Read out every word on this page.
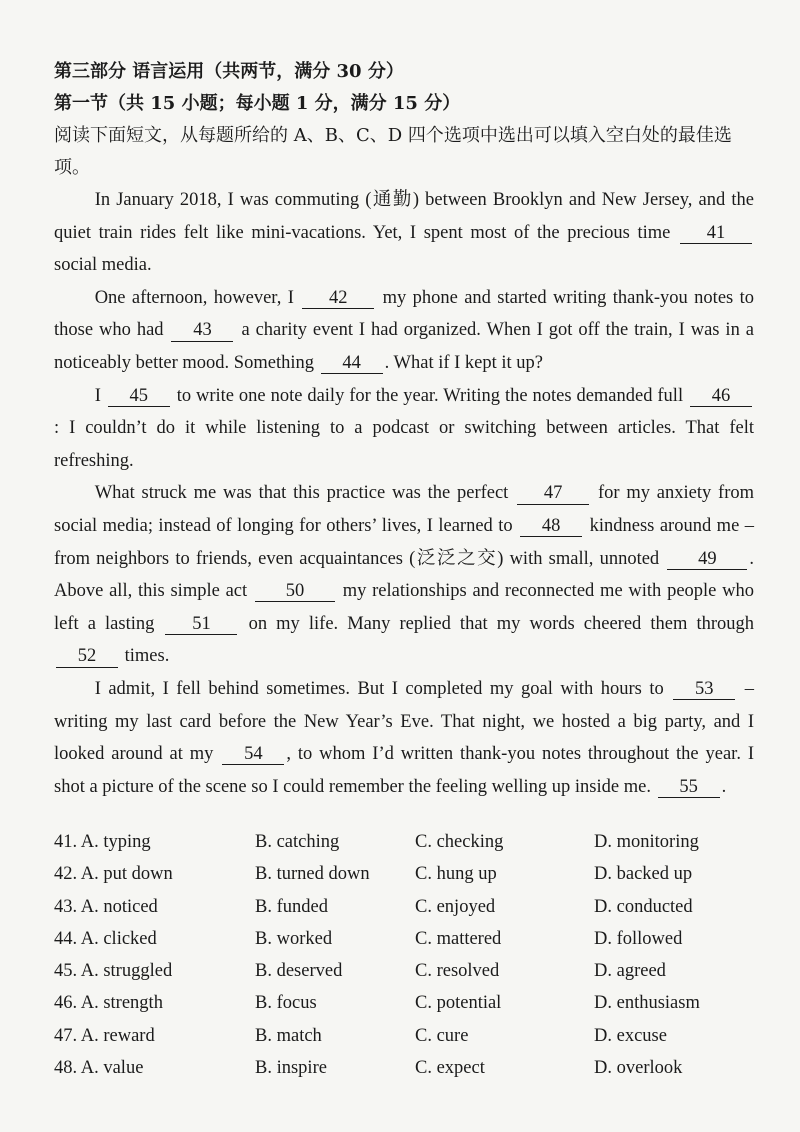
第三部分 语言运用（共两节，满分 30 分）
第一节（共 15 小题；每小题 1 分，满分 15 分）
阅读下面短文，从每题所给的 A、B、C、D 四个选项中选出可以填入空白处的最佳选项。

In January 2018, I was commuting (通勤) between Brooklyn and New Jersey, and the quiet train rides felt like mini-vacations. Yet, I spent most of the precious time 41 social media.

One afternoon, however, I 42 my phone and started writing thank-you notes to those who had 43 a charity event I had organized. When I got off the train, I was in a noticeably better mood. Something 44 . What if I kept it up?

I 45 to write one note daily for the year. Writing the notes demanded full 46: I couldn’t do it while listening to a podcast or switching between articles. That felt refreshing.

What struck me was that this practice was the perfect 47 for my anxiety from social media; instead of longing for others’ lives, I learned to 48 kindness around me – from neighbors to friends, even acquaintances (泛泛之交) with small, unnoted 49 . Above all, this simple act 50 my relationships and reconnected me with people who left a lasting 51 on my life. Many replied that my words cheered them through 52 times.

I admit, I fell behind sometimes. But I completed my goal with hours to 53 – writing my last card before the New Year’s Eve. That night, we hosted a big party, and I looked around at my 54 , to whom I’d written thank-you notes throughout the year. I shot a picture of the scene so I could remember the feeling welling up inside me. 55 .

41. A. typing	B. catching	C. checking	D. monitoring
42. A. put down	B. turned down C. hung up	D. backed up
43. A. noticed	B. funded	C. enjoyed	D. conducted
44. A. clicked	B. worked	C. mattered	D. followed
45. A. struggled	B. deserved	C. resolved	D. agreed
46. A. strength	B. focus	C. potential	D. enthusiasm
47. A. reward	B. match	C. cure	D. excuse
48. A. value	B. inspire	C. expect	D. overlook
